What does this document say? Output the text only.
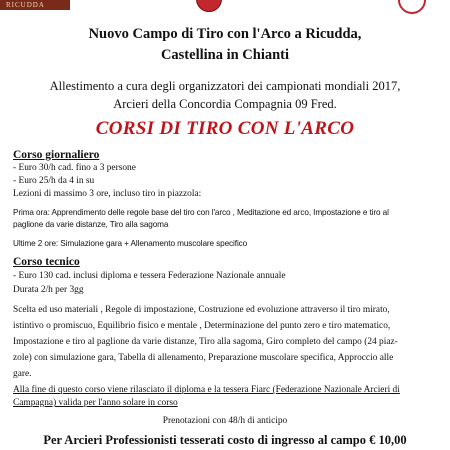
RICUDDA
Nuovo Campo di Tiro con l'Arco a Ricudda,
Castellina in Chianti
Allestimento a cura degli organizzatori dei campionati mondiali 2017,
Arcieri della Concordia Compagnia 09 Fred.
CORSI DI TIRO CON L'ARCO
Corso giornaliero
- Euro 30/h cad. fino a 3 persone
- Euro 25/h da 4 in su
Lezioni di massimo 3 ore, incluso tiro in piazzola:
Prima ora: Apprendimento delle regole base del tiro con l'arco , Meditazione ed arco, Impostazione e tiro al
paglione da varie distanze, Tiro alla sagoma
Ultime 2 ore: Simulazione gara + Allenamento muscolare specifico
Corso tecnico
- Euro 130 cad. inclusi diploma e tessera Federazione Nazionale annuale
Durata 2/h per 3gg
Scelta ed uso materiali , Regole di impostazione, Costruzione ed evoluzione attraverso il tiro mirato,
istintivo o promiscuo, Equilibrio fisico e mentale , Determinazione del punto zero e tiro matematico,
Impostazione e tiro al paglione da varie distanze, Tiro alla sagoma, Giro completo del campo (24 piaz-
zole) con simulazione gara, Tabella di allenamento, Preparazione muscolare specifica, Approccio alle
gare.
Alla fine di questo corso viene rilasciato il diploma e la tessera Fiarc (Federazione Nazionale Arcieri di
Campagna) valida per l'anno solare in corso
Prenotazioni con 48/h di anticipo
Per Arcieri Professionisti tesserati costo di ingresso al campo € 10,00
